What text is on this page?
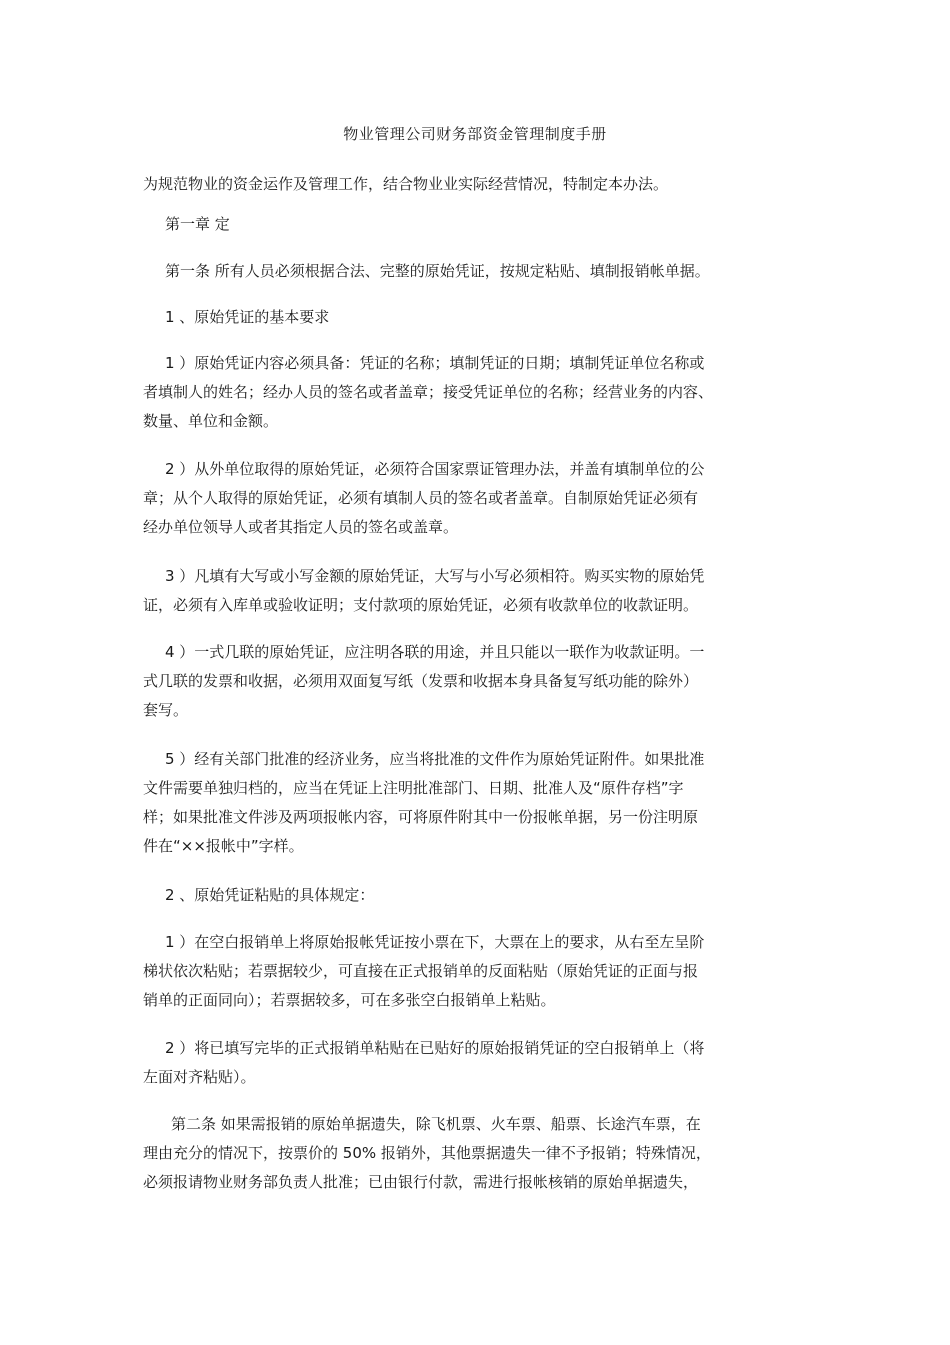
物业管理公司财务部资金管理制度手册
为规范物业的资金运作及管理工作，结合物业业实际经营情况，特制定本办法。
第一章 定
第一条 所有人员必须根据合法、完整的原始凭证，按规定粘贴、填制报销帐单据。
1 、原始凭证的基本要求
1 ）原始凭证内容必须具备：凭证的名称；填制凭证的日期；填制凭证单位名称或
者填制人的姓名；经办人员的签名或者盖章；接受凭证单位的名称；经营业务的内容、
数量、单位和金额。
2 ）从外单位取得的原始凭证，必须符合国家票证管理办法，并盖有填制单位的公
章；从个人取得的原始凭证，必须有填制人员的签名或者盖章。自制原始凭证必须有
经办单位领导人或者其指定人员的签名或盖章。
3 ）凡填有大写或小写金额的原始凭证，大写与小写必须相符。购买实物的原始凭
证，必须有入库单或验收证明；支付款项的原始凭证，必须有收款单位的收款证明。
4 ）一式几联的原始凭证，应注明各联的用途，并且只能以一联作为收款证明。一
式几联的发票和收据，必须用双面复写纸（发票和收据本身具备复写纸功能的除外）
套写。
5 ）经有关部门批准的经济业务，应当将批准的文件作为原始凭证附件。如果批准
文件需要单独归档的，应当在凭证上注明批准部门、日期、批准人及“原件存档”字
样；如果批准文件涉及两项报帐内容，可将原件附其中一份报帐单据，另一份注明原
件在“××报帐中”字样。
2 、原始凭证粘贴的具体规定：
1 ）在空白报销单上将原始报帐凭证按小票在下，大票在上的要求，从右至左呈阶
梯状依次粘贴；若票据较少，可直接在正式报销单的反面粘贴（原始凭证的正面与报
销单的正面同向）；若票据较多，可在多张空白报销单上粘贴。
2 ）将已填写完毕的正式报销单粘贴在已贴好的原始报销凭证的空白报销单上（将
左面对齐粘贴）。
第二条 如果需报销的原始单据遗失，除飞机票、火车票、船票、长途汽车票，在
理由充分的情况下，按票价的 50% 报销外，其他票据遗失一律不予报销；特殊情况，
必须报请物业财务部负责人批准；已由银行付款，需进行报帐核销的原始单据遗失，
